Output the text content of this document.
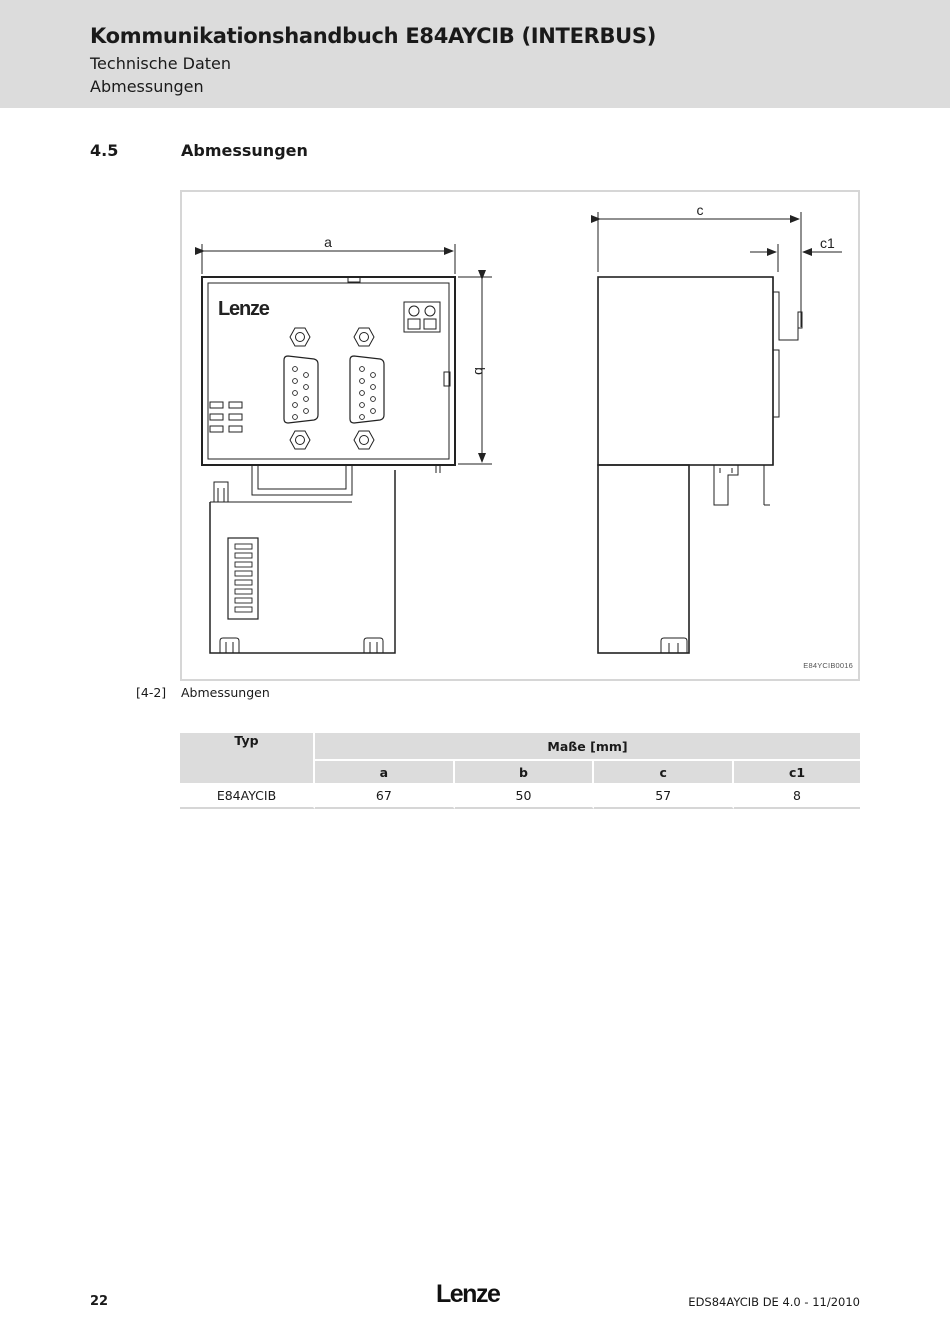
Kommunikationshandbuch E84AYCIB (INTERBUS)
Technische Daten
Abmessungen
4.5	Abmessungen
Lenze
a
b
c
c1
E84YCIB0016
[4-2] Abmessungen
Typ	Maße [mm]			
	a	b	c	c1
E84AYCIB	67	50	57	8
22	Lenze	EDS84AYCIB DE 4.0 - 11/2010
